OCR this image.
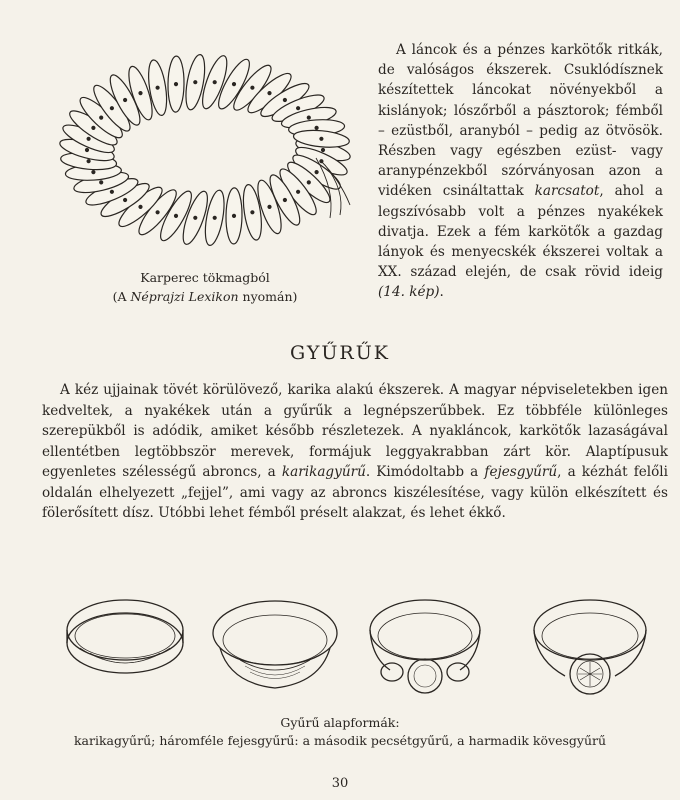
Karperec tökmagból
(A Néprajzi Lexikon nyomán)
A láncok és a pénzes karkötők ritkák, de valóságos ékszerek. Csuklódísznek készítettek láncokat növényekből a kislányok; lószőrből a pásztorok; fémből – ezüstből, aranyból – pedig az ötvösök. Részben vagy egészben ezüst- vagy aranypénzekből szórványosan azon a vidéken csináltattak karcsatot, ahol a legszívósabb volt a pénzes nyakékek divatja. Ezek a fém karkötők a gazdag lányok és menyecskék ékszerei voltak a XX. század elején, de csak rövid ideig (14. kép).
GYŰRŰK
A kéz ujjainak tövét körülövező, karika alakú ékszerek. A magyar népviseletekben igen kedveltek, a nyakékek után a gyűrűk a legnépszerűbbek. Ez többféle különleges szerepükből is adódik, amiket később részletezek. A nyakláncok, karkötők lazaságával ellentétben legtöbbször merevek, formájuk leggyakrabban zárt kör. Alaptípusuk egyenletes szélességű abroncs, a karikagyűrű. Kimódoltabb a fejesgyűrű, a kézhát felőli oldalán elhelyezett „fejjel”, ami vagy az abroncs kiszélesítése, vagy külön elkészített és fölerősített dísz. Utóbbi lehet fémből préselt alakzat, és lehet ékkő.
Gyűrű alapformák:
karikagyűrű; háromféle fejesgyűrű: a második pecsétgyűrű, a harmadik kövesgyűrű
30
